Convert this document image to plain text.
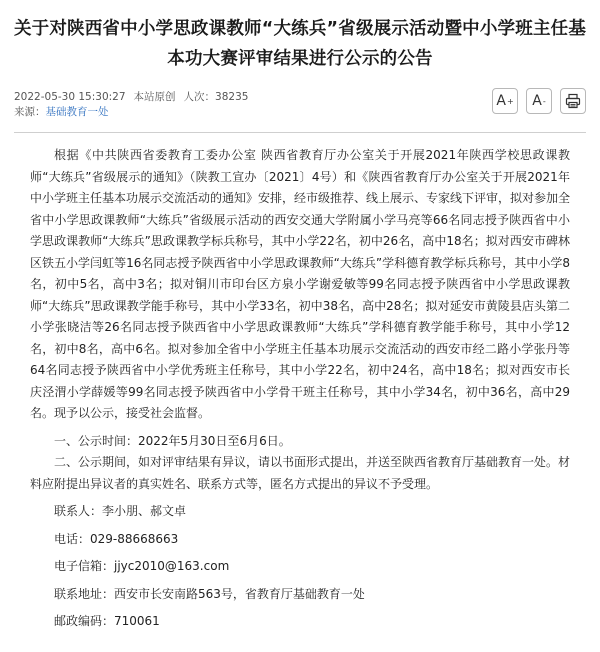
关于对陕西省中小学思政课教师“大练兵”省级展示活动暨中小学班主任基本功大赛评审结果进行公示的公告
2022-05-30 15:30:27 本站原创 人次：38235
来源：基础教育一处
A + A -

根据《中共陕西省委教育工委办公室 陕西省教育厅办公室关于开展2021年陕西学校思政课教师“大练兵”省级展示的通知》（陕教工宣办〔2021〕4号）和《陕西省教育厅办公室关于开展2021年中小学班主任基本功展示交流活动的通知》安排，经市级推荐、线上展示、专家线下评审，拟对参加全省中小学思政课教师“大练兵”省级展示活动的西安交通大学附属小学马亮等66名同志授予陕西省中小学思政课教师“大练兵”思政课教学标兵称号，其中小学22名，初中26名，高中18名；拟对西安市碑林区铁五小学闫虹等16名同志授予陕西省中小学思政课教师“大练兵”学科德育教学标兵称号，其中小学8名，初中5名，高中3名；拟对铜川市印台区方泉小学谢爱敏等99名同志授予陕西省中小学思政课教师“大练兵”思政课教学能手称号，其中小学33名，初中38名，高中28名；拟对延安市黄陵县店头第二小学张晓洁等26名同志授予陕西省中小学思政课教师“大练兵”学科德育教学能手称号，其中小学12名，初中8名，高中6名。拟对参加全省中小学班主任基本功展示交流活动的西安市经二路小学张丹等64名同志授予陕西省中小学优秀班主任称号，其中小学22名，初中24名，高中18名；拟对西安市长庆泾渭小学薛媛等99名同志授予陕西省中小学骨干班主任称号，其中小学34名，初中36名，高中29名。现予以公示，接受社会监督。

一、公示时间：2022年5月30日至6月6日。

二、公示期间，如对评审结果有异议，请以书面形式提出，并送至陕西省教育厅基础教育一处。材料应附提出异议者的真实姓名、联系方式等，匿名方式提出的异议不予受理。

联系人：李小朋、郝文卓

电话：029-88668663

电子信箱：jjyc2010@163.com

联系地址：西安市长安南路563号，省教育厅基础教育一处

邮政编码：710061
